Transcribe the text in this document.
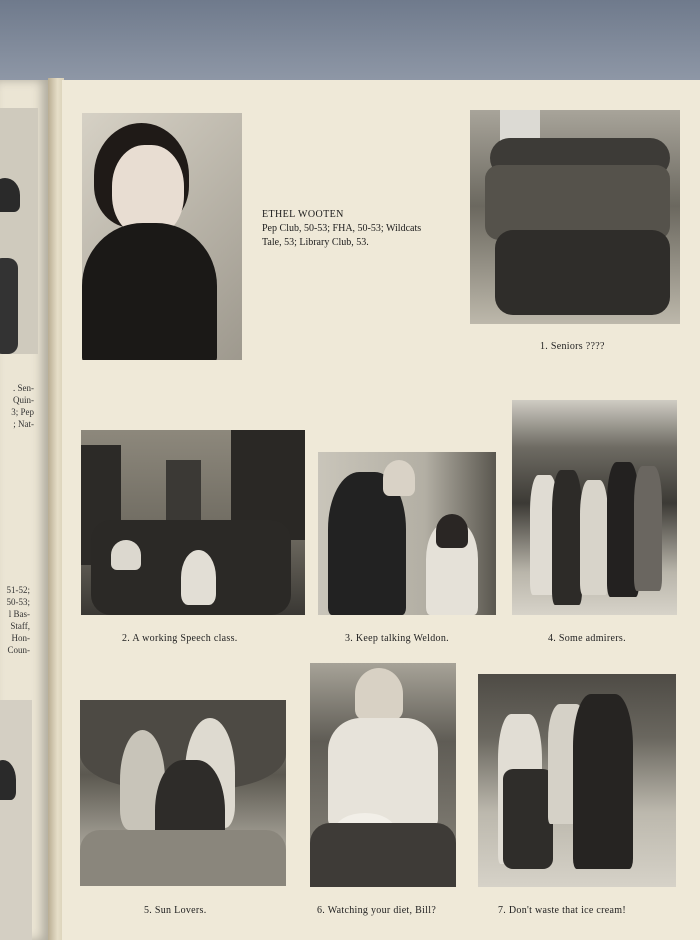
. Sen-
Quin-
3; Pep
; Nat-
51-52;
50-53;
l Bas-
Staff,
Hon-
Coun-
ETHEL WOOTEN
Pep Club, 50-53; FHA, 50-53; Wildcats Tale, 53; Library Club, 53.
1. Seniors ????
2. A working Speech class.	3. Keep talking Weldon.	4. Some admirers.
5. Sun Lovers.	6. Watching your diet, Bill?	7. Don't waste that ice cream!
